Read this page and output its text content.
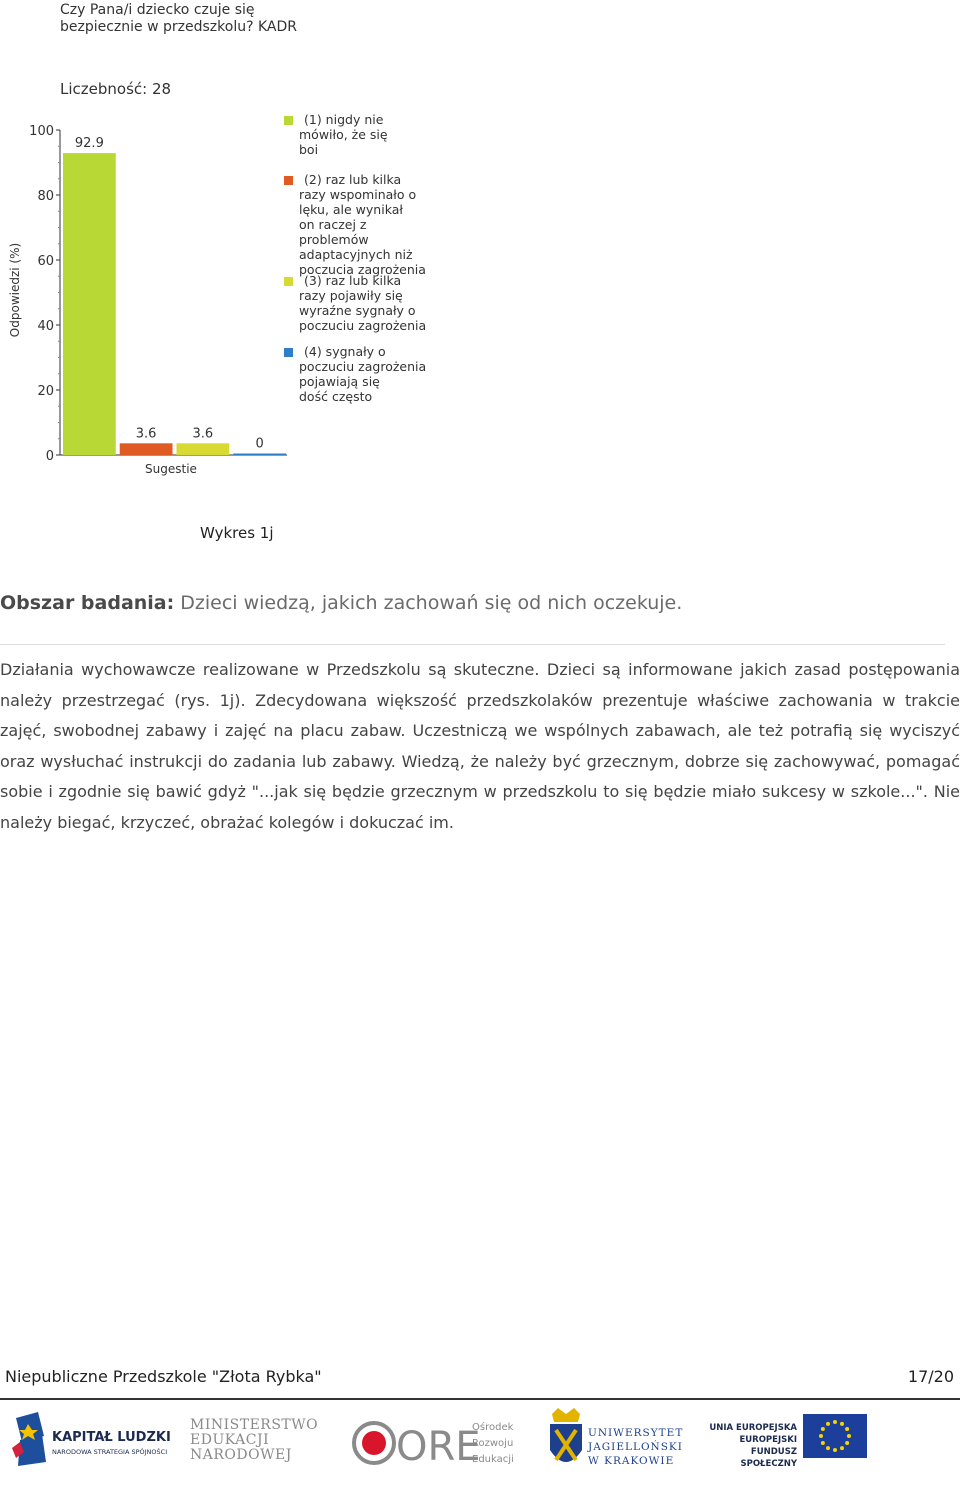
Czy Pana/i dziecko czuje się
bezpiecznie w przedszkolu? KADR
Liczebność: 28
0
20
40
60
80
100
92.9
3.6	3.6
0
(1) nigdy nie
mówiło, że się
boi
(2) raz lub kilka
razy wspominało o
lęku, ale wynikał
on raczej z
problemów
adaptacyjnych niż
poczucia zagrożenia
(3) raz lub kilka
razy pojawiły się
wyraźne sygnały o
poczuciu zagrożenia
(4) sygnały o
poczuciu zagrożenia
pojawiają się
dość często
Odpowiedzi (%)
Sugestie
Wykres 1j
Obszar badania: Dzieci wiedzą, jakich zachowań się od nich oczekuje.

Działania wychowawcze realizowane w Przedszkolu są skuteczne. Dzieci są informowane jakich zasad postępowania należy przestrzegać (rys. 1j). Zdecydowana większość przedszkolaków prezentuje właściwe zachowania w trakcie zajęć, swobodnej zabawy i zajęć na placu zabaw. Uczestniczą we wspólnych zabawach, ale też potrafią się wyciszyć oraz wysłuchać instrukcji do zadania lub zabawy. Wiedzą, że należy być grzecznym, dobrze się zachowywać, pomagać sobie i zgodnie się bawić gdyż "...jak się będzie grzecznym w przedszkolu to się będzie miało sukcesy w szkole...". Nie należy biegać, krzyczeć, obrażać kolegów i dokuczać im.

Niepubliczne Przedszkole "Złota Rybka"	17/20
KAPITAŁ LUDZKI
NARODOWA STRATEGIA SPÓJNOŚCI
MINISTERSTWO
EDUKACJI
NARODOWEJ	ORE
Ośrodek
Rozwoju
Edukacji
UNIWERSYTET
JAGIELLOŃSKI
W KRAKOWIE
UNIA EUROPEJSKA
EUROPEJSKI
FUNDUSZ SPOŁECZNY
